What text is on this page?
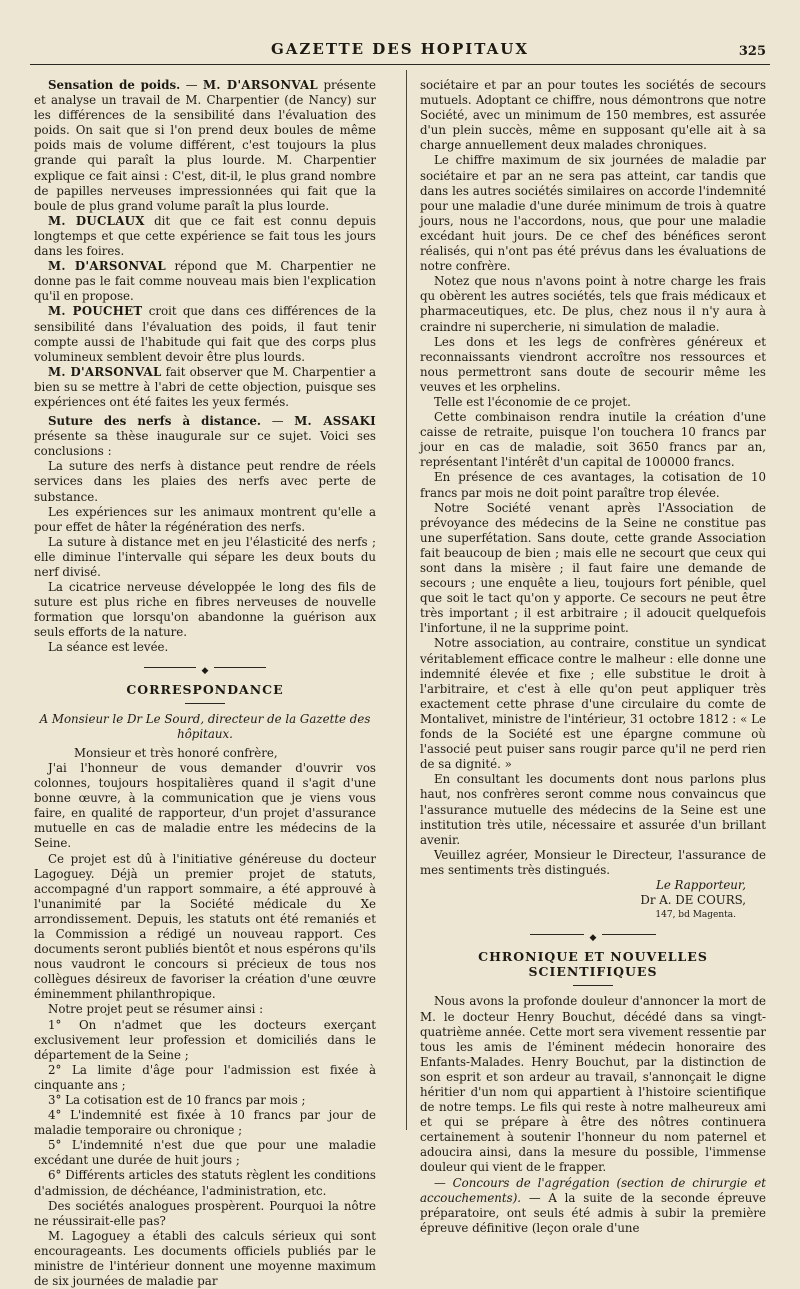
GAZETTE DES HOPITAUX	325

Sensation de poids. — M. D'ARSONVAL présente et analyse un travail de M. Charpentier (de Nancy) sur les différences de la sensibilité dans l'évaluation des poids. On sait que si l'on prend deux boules de même poids mais de volume différent, c'est toujours la plus grande qui paraît la plus lourde. M. Charpentier explique ce fait ainsi : C'est, dit-il, le plus grand nombre de papilles nerveuses impressionnées qui fait que la boule de plus grand volume paraît la plus lourde.

M. DUCLAUX dit que ce fait est connu depuis longtemps et que cette expérience se fait tous les jours dans les foires.

M. D'ARSONVAL répond que M. Charpentier ne donne pas le fait comme nouveau mais bien l'explication qu'il en propose.

M. POUCHET croit que dans ces différences de la sensibilité dans l'évaluation des poids, il faut tenir compte aussi de l'habitude qui fait que des corps plus volumineux semblent devoir être plus lourds.

M. D'ARSONVAL fait observer que M. Charpentier a bien su se mettre à l'abri de cette objection, puisque ses expériences ont été faites les yeux fermés.

Suture des nerfs à distance. — M. ASSAKI présente sa thèse inaugurale sur ce sujet. Voici ses conclusions :

La suture des nerfs à distance peut rendre de réels services dans les plaies des nerfs avec perte de substance.

Les expériences sur les animaux montrent qu'elle a pour effet de hâter la régénération des nerfs.

La suture à distance met en jeu l'élasticité des nerfs ; elle diminue l'intervalle qui sépare les deux bouts du nerf divisé.

La cicatrice nerveuse développée le long des fils de suture est plus riche en fibres nerveuses de nouvelle formation que lorsqu'on abandonne la guérison aux seuls efforts de la nature.

La séance est levée.

◆
CORRESPONDANCE

A Monsieur le Dr Le Sourd, directeur de la Gazette des hôpitaux.

Monsieur et très honoré confrère,

J'ai l'honneur de vous demander d'ouvrir vos colonnes, toujours hospitalières quand il s'agit d'une bonne œuvre, à la communication que je viens vous faire, en qualité de rapporteur, d'un projet d'assurance mutuelle en cas de maladie entre les médecins de la Seine.

Ce projet est dû à l'initiative généreuse du docteur Lagoguey. Déjà un premier projet de statuts, accompagné d'un rapport sommaire, a été approuvé à l'unanimité par la Société médicale du Xe arrondissement. Depuis, les statuts ont été remaniés et la Commission a rédigé un nouveau rapport. Ces documents seront publiés bientôt et nous espérons qu'ils nous vaudront le concours si précieux de tous nos collègues désireux de favoriser la création d'une œuvre éminemment philanthropique.

Notre projet peut se résumer ainsi :

1° On n'admet que les docteurs exerçant exclusivement leur profession et domiciliés dans le département de la Seine ;

2° La limite d'âge pour l'admission est fixée à cinquante ans ;

3° La cotisation est de 10 francs par mois ;

4° L'indemnité est fixée à 10 francs par jour de maladie temporaire ou chronique ;

5° L'indemnité n'est due que pour une maladie excédant une durée de huit jours ;

6° Différents articles des statuts règlent les conditions d'admission, de déchéance, l'administration, etc.

Des sociétés analogues prospèrent. Pourquoi la nôtre ne réussirait-elle pas?

M. Lagoguey a établi des calculs sérieux qui sont encourageants. Les documents officiels publiés par le ministre de l'intérieur donnent une moyenne maximum de six journées de maladie par

sociétaire et par an pour toutes les sociétés de secours mutuels. Adoptant ce chiffre, nous démontrons que notre Société, avec un minimum de 150 membres, est assurée d'un plein succès, même en supposant qu'elle ait à sa charge annuellement deux malades chroniques.

Le chiffre maximum de six journées de maladie par sociétaire et par an ne sera pas atteint, car tandis que dans les autres sociétés similaires on accorde l'indemnité pour une maladie d'une durée minimum de trois à quatre jours, nous ne l'accordons, nous, que pour une maladie excédant huit jours. De ce chef des bénéfices seront réalisés, qui n'ont pas été prévus dans les évaluations de notre confrère.

Notez que nous n'avons point à notre charge les frais qu obèrent les autres sociétés, tels que frais médicaux et pharmaceutiques, etc. De plus, chez nous il n'y aura à craindre ni supercherie, ni simulation de maladie.

Les dons et les legs de confrères généreux et reconnaissants viendront accroître nos ressources et nous permettront sans doute de secourir même les veuves et les orphelins.

Telle est l'économie de ce projet.

Cette combinaison rendra inutile la création d'une caisse de retraite, puisque l'on touchera 10 francs par jour en cas de maladie, soit 3650 francs par an, représentant l'intérêt d'un capital de 100000 francs.

En présence de ces avantages, la cotisation de 10 francs par mois ne doit point paraître trop élevée.

Notre Société venant après l'Association de prévoyance des médecins de la Seine ne constitue pas une superfétation. Sans doute, cette grande Association fait beaucoup de bien ; mais elle ne secourt que ceux qui sont dans la misère ; il faut faire une demande de secours ; une enquête a lieu, toujours fort pénible, quel que soit le tact qu'on y apporte. Ce secours ne peut être très important ; il est arbitraire ; il adoucit quelquefois l'infortune, il ne la supprime point.

Notre association, au contraire, constitue un syndicat véritablement efficace contre le malheur : elle donne une indemnité élevée et fixe ; elle substitue le droit à l'arbitraire, et c'est à elle qu'on peut appliquer très exactement cette phrase d'une circulaire du comte de Montalivet, ministre de l'intérieur, 31 octobre 1812 : « Le fonds de la Société est une épargne commune où l'associé peut puiser sans rougir parce qu'il ne perd rien de sa dignité. »

En consultant les documents dont nous parlons plus haut, nos confrères seront comme nous convaincus que l'assurance mutuelle des médecins de la Seine est une institution très utile, nécessaire et assurée d'un brillant avenir.

Veuillez agréer, Monsieur le Directeur, l'assurance de mes sentiments très distingués.

Le Rapporteur,

Dr A. DE COURS,

147, bd Magenta.

◆
CHRONIQUE ET NOUVELLES SCIENTIFIQUES

Nous avons la profonde douleur d'annoncer la mort de M. le docteur Henry Bouchut, décédé dans sa vingt-quatrième année. Cette mort sera vivement ressentie par tous les amis de l'éminent médecin honoraire des Enfants-Malades. Henry Bouchut, par la distinction de son esprit et son ardeur au travail, s'annonçait le digne héritier d'un nom qui appartient à l'histoire scientifique de notre temps. Le fils qui reste à notre malheureux ami et qui se prépare à être des nôtres continuera certainement à soutenir l'honneur du nom paternel et adoucira ainsi, dans la mesure du possible, l'immense douleur qui vient de le frapper.

— Concours de l'agrégation (section de chirurgie et accouchements). — A la suite de la seconde épreuve préparatoire, ont seuls été admis à subir la première épreuve définitive (leçon orale d'une
